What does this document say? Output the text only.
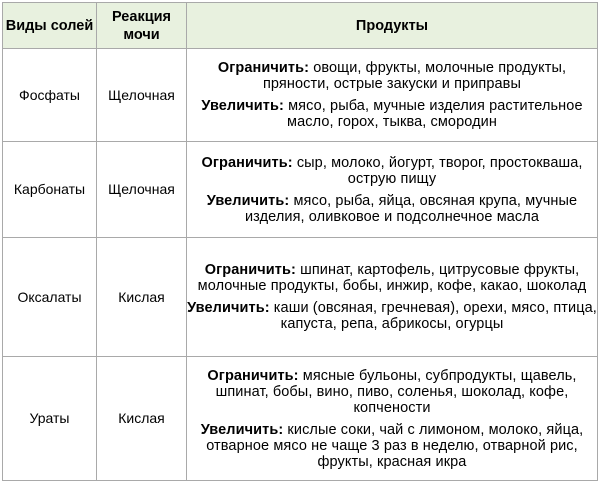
Виды солей	Реакция мочи	Продукты
Фосфаты	Щелочная	Ограничить: овощи, фрукты, молочные продукты, пряности, острые закуски и приправы
Увеличить: мясо, рыба, мучные изделия растительное масло, горох, тыква, смородин

Карбонаты	Щелочная	Ограничить: сыр, молоко, йогурт, творог, простокваша, острую пищу
Увеличить: мясо, рыба, яйца, овсяная крупа, мучные изделия, оливковое и подсолнечное масла

Оксалаты	Кислая	Ограничить: шпинат, картофель, цитрусовые фрукты, молочные продукты, бобы, инжир, кофе, какао, шоколад
Увеличить: каши (овсяная, гречневая), орехи, мясо, птица, капуста, репа, абрикосы, огурцы

Ураты	Кислая	Ограничить: мясные бульоны, субпродукты, щавель, шпинат, бобы, вино, пиво, соленья, шоколад, кофе, копчености
Увеличить: кислые соки, чай с лимоном, молоко, яйца, отварное мясо не чаще 3 раз в неделю, отварной рис, фрукты, красная икра
